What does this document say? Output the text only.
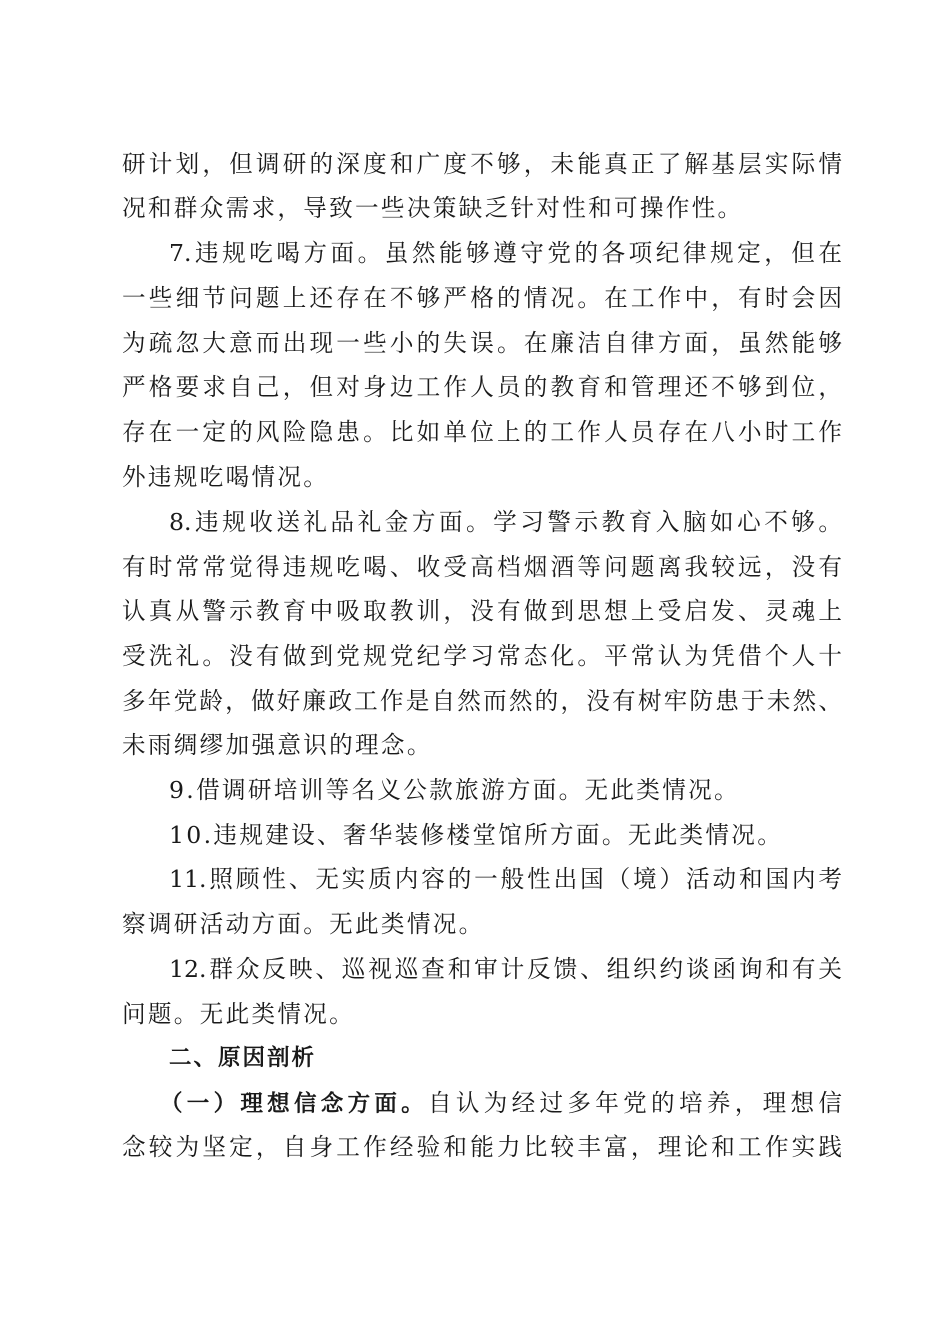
研计划，但调研的深度和广度不够，未能真正了解基层实际情
况和群众需求，导致一些决策缺乏针对性和可操作性。
7.违规吃喝方面。虽然能够遵守党的各项纪律规定，但在
一些细节问题上还存在不够严格的情况。在工作中，有时会因
为疏忽大意而出现一些小的失误。在廉洁自律方面，虽然能够
严格要求自己，但对身边工作人员的教育和管理还不够到位，
存在一定的风险隐患。比如单位上的工作人员存在八小时工作
外违规吃喝情况。
8.违规收送礼品礼金方面。学习警示教育入脑如心不够。
有时常常觉得违规吃喝、收受高档烟酒等问题离我较远，没有
认真从警示教育中吸取教训，没有做到思想上受启发、灵魂上
受洗礼。没有做到党规党纪学习常态化。平常认为凭借个人十
多年党龄，做好廉政工作是自然而然的，没有树牢防患于未然、
未雨绸缪加强意识的理念。
9.借调研培训等名义公款旅游方面。无此类情况。
10.违规建设、奢华装修楼堂馆所方面。无此类情况。
11.照顾性、无实质内容的一般性出国（境）活动和国内考
察调研活动方面。无此类情况。
12.群众反映、巡视巡查和审计反馈、组织约谈函询和有关
问题。无此类情况。
二、原因剖析
（一）理想信念方面。自认为经过多年党的培养，理想信
念较为坚定，自身工作经验和能力比较丰富，理论和工作实践
